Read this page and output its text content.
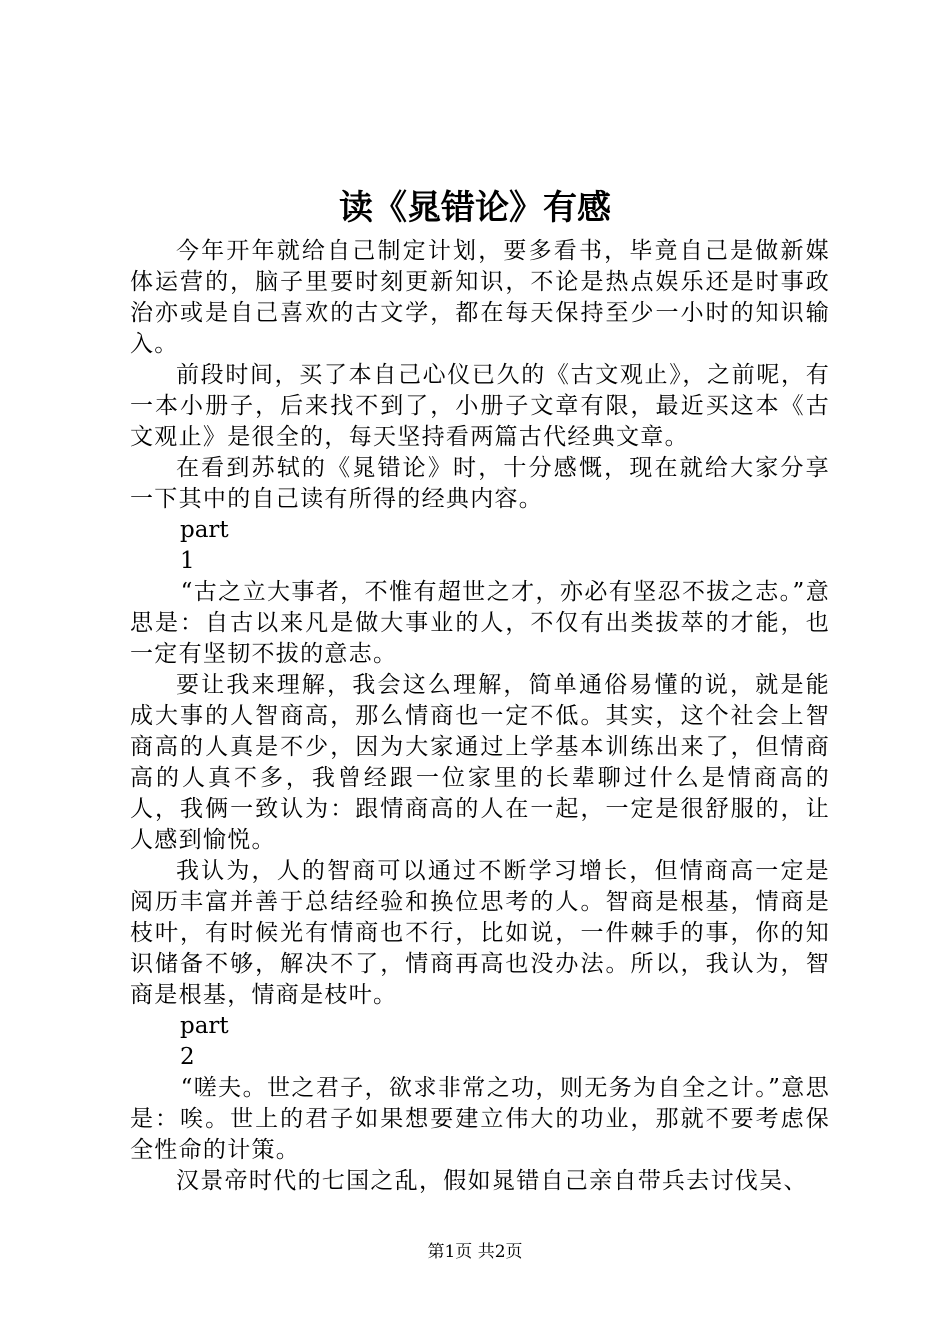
读《晁错论》有感

今年开年就给自己制定计划，要多看书，毕竟自己是做新媒体运营的，脑子里要时刻更新知识，不论是热点娱乐还是时事政治亦或是自己喜欢的古文学，都在每天保持至少一小时的知识输入。

前段时间，买了本自己心仪已久的《古文观止》，之前呢，有一本小册子，后来找不到了，小册子文章有限，最近买这本《古文观止》是很全的，每天坚持看两篇古代经典文章。

在看到苏轼的《晁错论》时，十分感慨，现在就给大家分享一下其中的自己读有所得的经典内容。

part

1

“古之立大事者，不惟有超世之才，亦必有坚忍不拔之志。”意思是：自古以来凡是做大事业的人，不仅有出类拔萃的才能，也一定有坚韧不拔的意志。

要让我来理解，我会这么理解，简单通俗易懂的说，就是能成大事的人智商高，那么情商也一定不低。其实，这个社会上智商高的人真是不少，因为大家通过上学基本训练出来了，但情商高的人真不多，我曾经跟一位家里的长辈聊过什么是情商高的人，我俩一致认为：跟情商高的人在一起，一定是很舒服的，让人感到愉悦。

我认为，人的智商可以通过不断学习增长，但情商高一定是阅历丰富并善于总结经验和换位思考的人。智商是根基，情商是枝叶，有时候光有情商也不行，比如说，一件棘手的事，你的知识储备不够，解决不了，情商再高也没办法。所以，我认为，智商是根基，情商是枝叶。

part

2

“嗟夫。世之君子，欲求非常之功，则无务为自全之计。”意思是：唉。世上的君子如果想要建立伟大的功业，那就不要考虑保全性命的计策。

汉景帝时代的七国之乱，假如晁错自己亲自带兵去讨伐吴、

第1页 共2页
